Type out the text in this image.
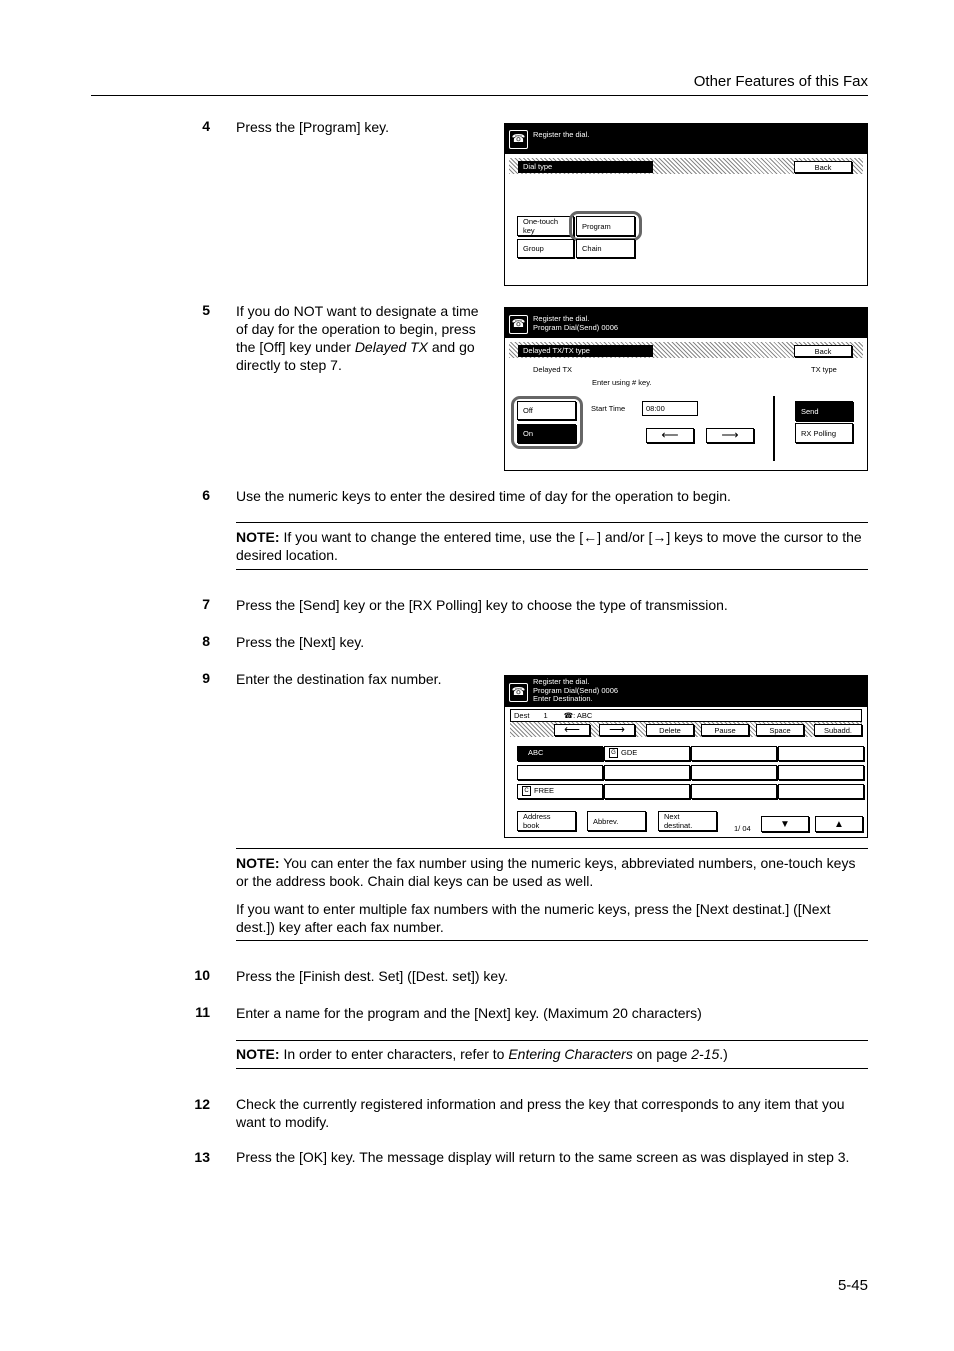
Other Features of this Fax
4 Press the [Program] key.
☎	Register the dial.
Dial type	Back
One-touch
key	Program
Group	Chain
5 If you do NOT want to designate a time of day for the operation to begin, press the [Off] key under Delayed TX and go directly to step 7.
☎	Register the dial.
Program Dial(Send) 0006
Delayed TX/TX type	Back
Delayed TX	TX type
Enter using # key.
Off
On
Start Time	08:00
⟵	⟶
Send
RX Polling
6 Use the numeric keys to enter the desired time of day for the operation to begin.
NOTE: If you want to change the entered time, use the [←] and/or [→] keys to move the cursor to the desired location.
7 Press the [Send] key or the [RX Polling] key to choose the type of transmission.
8 Press the [Next] key.
9 Enter the destination fax number.
☎
Register the dial.
Program Dial(Send) 0006
Enter Destination.
Dest 1 ☎: ABC
⟵	⟶	Delete	Pause	Space	Subadd.
ABC	G GDE
C FREE
Address
book	Abbrev.	Next
destinat.	1/ 04	▼	▲
NOTE: You can enter the fax number using the numeric keys, abbreviated numbers, one-touch keys or the address book. Chain dial keys can be used as well.
If you want to enter multiple fax numbers with the numeric keys, press the [Next destinat.] ([Next dest.]) key after each fax number.
10 Press the [Finish dest. Set] ([Dest. set]) key.
11 Enter a name for the program and the [Next] key. (Maximum 20 characters)
NOTE: In order to enter characters, refer to Entering Characters on page 2-15.)
12 Check the currently registered information and press the key that corresponds to any item that you want to modify.
13 Press the [OK] key. The message display will return to the same screen as was displayed in step 3.
5-45
